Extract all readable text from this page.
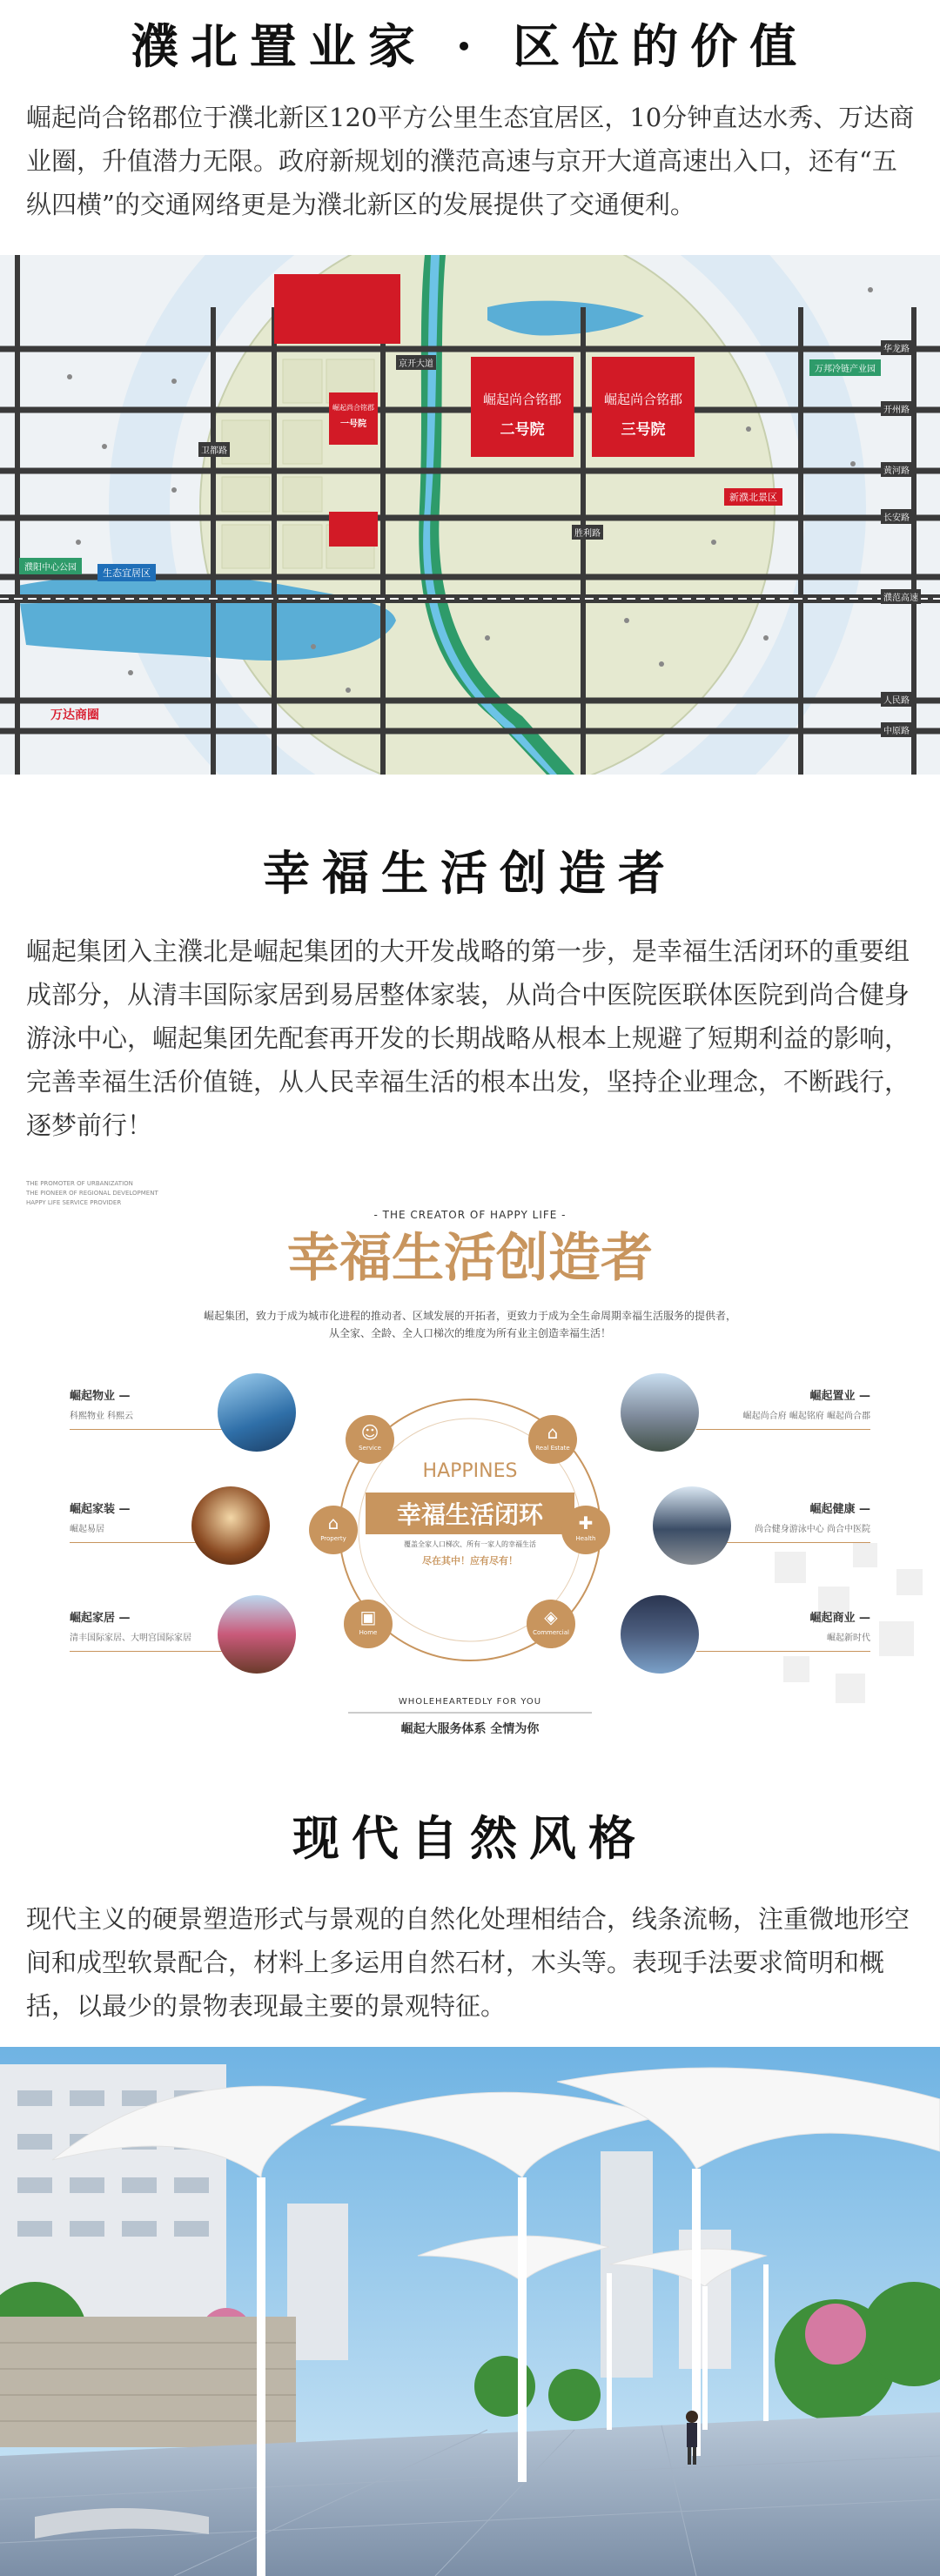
濮北置业家 · 区位的价值

崛起尚合铭郡位于濮北新区120平方公里生态宜居区，10分钟直达水秀、万达商业圈，升值潜力无限。政府新规划的濮范高速与京开大道高速出入口，还有“五纵四横”的交通网络更是为濮北新区的发展提供了交通便利。

崛起尚合铭郡
二号院
崛起尚合铭郡
三号院
崛起尚合铭郡
一号院
万达商圈
生态宜居区
新濮北景区
万邦冷链产业园
濮阳中心公园
京开大道
长安路
中原路
濮范高速
华龙路
开州路
黄河路
人民路
卫都路
胜利路
幸福生活创造者

崛起集团入主濮北是崛起集团的大开发战略的第一步，是幸福生活闭环的重要组成部分，从清丰国际家居到易居整体家装，从尚合中医院医联体医院到尚合健身游泳中心，崛起集团先配套再开发的长期战略从根本上规避了短期利益的影响，完善幸福生活价值链，从人民幸福生活的根本出发，坚持企业理念，不断践行，逐梦前行！

THE PROMOTER OF URBANIZATION
THE PIONEER OF REGIONAL DEVELOPMENT
HAPPY LIFE SERVICE PROVIDER
- THE CREATOR OF HAPPY LIFE -
幸福生活创造者
崛起集团，致力于成为城市化进程的推动者、区域发展的开拓者，更致力于成为全生命周期幸福生活服务的提供者，
从全家、全龄、全人口梯次的维度为所有业主创造幸福生活！
HAPPINES
幸福生活闭环
覆盖全家人口梯次、所有一家人的幸福生活
尽在其中！应有尽有！
☺
Service
⌂
Real Estate
✚
Health
◈
Commercial
▣
Home
⌂
Property
崛起物业 —
科熙物业 科熙云
崛起家装 —
崛起易居
崛起家居 —
清丰国际家居、大明宫国际家居
崛起置业 —
崛起尚合府 崛起铭府 崛起尚合郡
崛起健康 —
尚合健身游泳中心 尚合中医院
崛起商业 —
崛起新时代
WHOLEHEARTEDLY FOR YOU
崛起大服务体系 全情为你
现代自然风格

现代主义的硬景塑造形式与景观的自然化处理相结合，线条流畅，注重微地形空间和成型软景配合，材料上多运用自然石材，木头等。表现手法要求简明和概括，以最少的景物表现最主要的景观特征。
